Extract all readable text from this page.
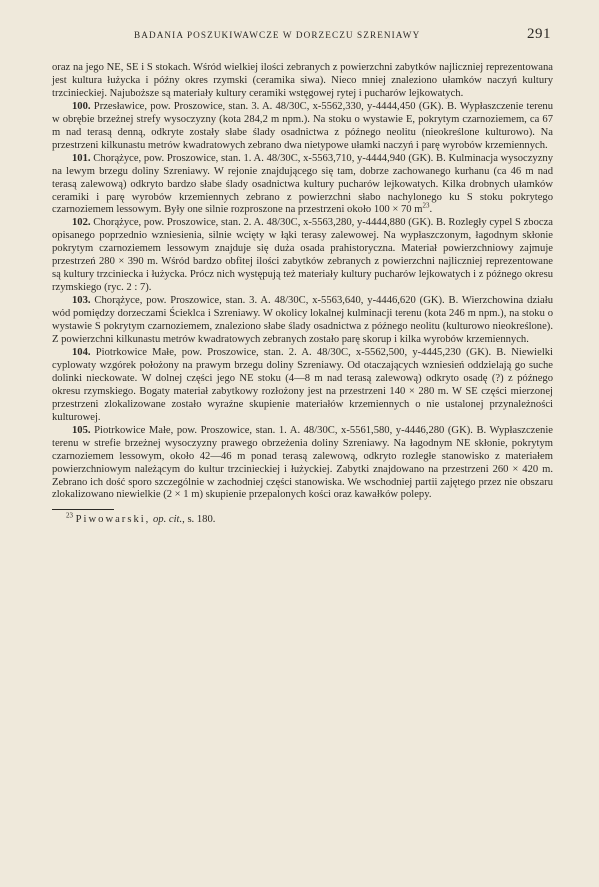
BADANIA POSZUKIWAWCZE W DORZECZU SZRENIAWY	291

oraz na jego NE, SE i S stokach. Wśród wielkiej ilości zebranych z powierzchni zabytków najliczniej reprezentowana jest kultura łużycka i późny okres rzymski (ceramika siwa). Nieco mniej znaleziono ułamków naczyń kultury trzcinieckiej. Najuboższe są materiały kultury ceramiki wstęgowej rytej i pucharów lejkowatych.

100. Przesławice, pow. Proszowice, stan. 3. A. 48/30C, x-5562,330, y-4444,450 (GK). B. Wypłaszczenie terenu w obrębie brzeżnej strefy wysoczyzny (kota 284,2 m npm.). Na stoku o wystawie E, pokrytym czarnoziemem, ca 67 m nad terasą denną, odkryte zostały słabe ślady osadnictwa z późnego neolitu (nieokreślone kulturowo). Na przestrzeni kilkunastu metrów kwadratowych zebrano dwa nietypowe ułamki naczyń i parę wyrobów krzemiennych.

101. Chorążyce, pow. Proszowice, stan. 1. A. 48/30C, x-5563,710, y-4444,940 (GK). B. Kulminacja wysoczyzny na lewym brzegu doliny Szreniawy. W rejonie znajdującego się tam, dobrze zachowanego kurhanu (ca 46 m nad terasą zalewową) odkryto bardzo słabe ślady osadnictwa kultury pucharów lejkowatych. Kilka drobnych ułamków ceramiki i parę wyrobów krzemiennych zebrano z powierzchni słabo nachylonego ku S stoku pokrytego czarnoziemem lessowym. Były one silnie rozproszone na przestrzeni około 100 × 70 $m^{23}$.

102. Chorążyce, pow. Proszowice, stan. 2. A. 48/30C, x-5563,280, y-4444,880 (GK). B. Rozległy cypel S zbocza opisanego poprzednio wzniesienia, silnie wcięty w łąki terasy zalewowej. Na wypłaszczonym, łagodnym skłonie pokrytym czarnoziemem lessowym znajduje się duża osada prahistoryczna. Materiał powierzchniowy zajmuje przestrzeń 280 × 390 m. Wśród bardzo obfitej ilości zabytków zebranych z powierzchni najliczniej reprezentowane są kultury trzciniecka i łużycka. Prócz nich występują też materiały kultury pucharów lejkowatych i z późnego okresu rzymskiego (ryc. 2 : 7).

103. Chorążyce, pow. Proszowice, stan. 3. A. 48/30C, x-5563,640, y-4446,620 (GK). B. Wierzchowina działu wód pomiędzy dorzeczami Ścieklca i Szreniawy. W okolicy lokalnej kulminacji terenu (kota 246 m npm.), na stoku o wystawie S pokrytym czarnoziemem, znaleziono słabe ślady osadnictwa z późnego neolitu (kulturowo nieokreślone). Z powierzchni kilkunastu metrów kwadratowych zebranych zostało parę skorup i kilka wyrobów krzemiennych.

104. Piotrkowice Małe, pow. Proszowice, stan. 2. A. 48/30C, x-5562,500, y-4445,230 (GK). B. Niewielki cyplowaty wzgórek położony na prawym brzegu doliny Szreniawy. Od otaczających wzniesień oddzielają go suche dolinki nieckowate. W dolnej części jego NE stoku (4—8 m nad terasą zalewową) odkryto osadę (?) z późnego okresu rzymskiego. Bogaty materiał zabytkowy rozłożony jest na przestrzeni 140 × 280 m. W SE części mierzonej przestrzeni zlokalizowane zostało wyraźne skupienie materiałów krzemiennych o nie ustalonej przynależności kulturowej.

105. Piotrkowice Małe, pow. Proszowice, stan. 1. A. 48/30C, x-5561,580, y-4446,280 (GK). B. Wypłaszczenie terenu w strefie brzeżnej wysoczyzny prawego obrzeżenia doliny Szreniawy. Na łagodnym NE skłonie, pokrytym czarnoziemem lessowym, około 42—46 m ponad terasą zalewową, odkryto rozległe stanowisko z materiałem powierzchniowym należącym do kultur trzcinieckiej i łużyckiej. Zabytki znajdowano na przestrzeni 260 × 420 m. Zebrano ich dość sporo szczególnie w zachodniej części stanowiska. We wschodniej partii zajętego przez nie obszaru zlokalizowano niewielkie (2 × 1 m) skupienie przepalonych kości oraz kawałków polepy.

$^{23}$ Piwowarski, op. cit., s. 180.
